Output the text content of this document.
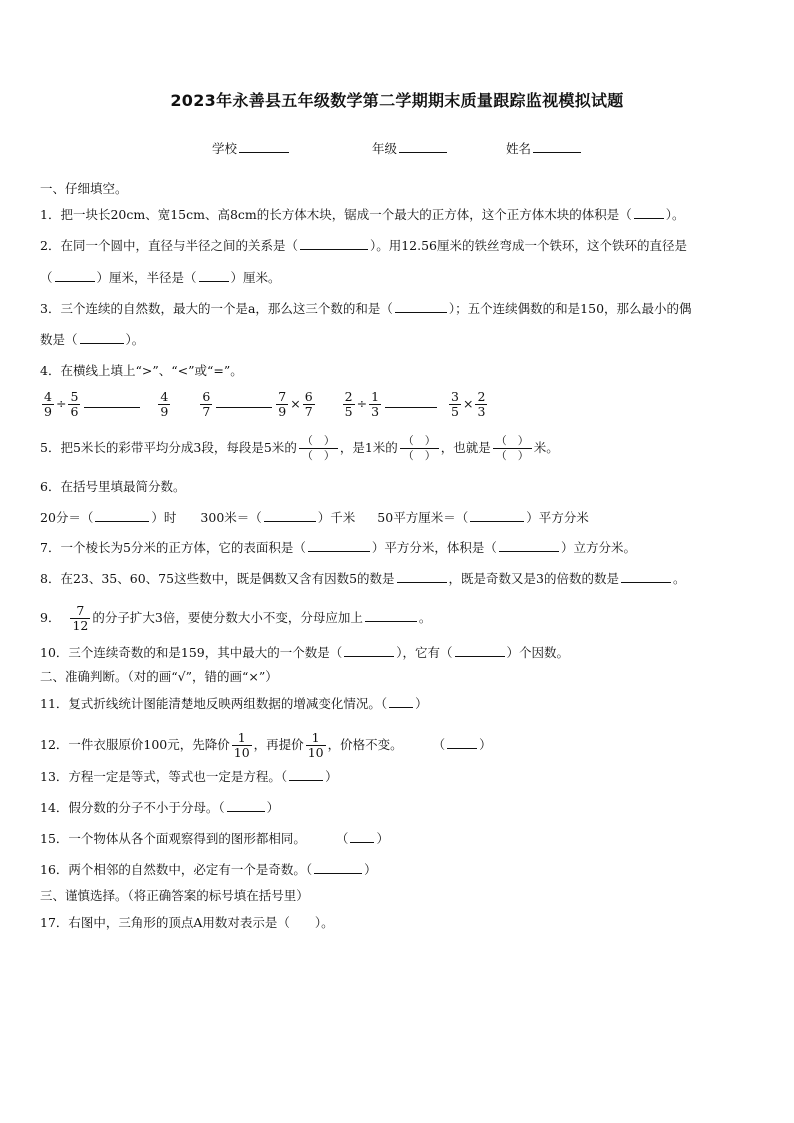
2023年永善县五年级数学第二学期期末质量跟踪监视模拟试题
学校	年级	姓名
一、仔细填空。
1．把一块长20cm、宽15cm、高8cm的长方体木块，锯成一个最大的正方体，这个正方体木块的体积是（	）。
2．在同一个圆中，直径与半径之间的关系是（	）。用12.56厘米的铁丝弯成一个铁环，这个铁环的直径是
（	）厘米，半径是（	）厘米。
3．三个连续的自然数，最大的一个是a，那么这三个数的和是（	）；五个连续偶数的和是150，那么最小的偶
数是（	）。
4．在横线上填上“>”、“<”或“=”。
$\frac{4}{9} \div \frac{5}{6}$	$\frac{4}{9}$
$\frac{6}{7}$	$\frac{7}{9} \times \frac{6}{7}$
$\frac{2}{5} \div \frac{1}{3}$	$\frac{3}{5} \times \frac{2}{3}$
5．把5米长的彩带平均分成3段，每段是5米的 $\frac{( )}{( )}$ ，是1米的 $\frac{( )}{( )}$ ，也就是 $\frac{( )}{( )}$ 米。
6．在括号里填最简分数。
20分＝（	）时 300米＝（	）千米 50平方厘米＝（	）平方分米
7．一个棱长为5分米的正方体，它的表面积是（	）平方分米，体积是（	）立方分米。
8．在23、35、60、75这些数中，既是偶数又含有因数5的数是	，既是奇数又是3的倍数的数是	。
9． $\frac{7}{12}$ 的分子扩大3倍，要使分数大小不变，分母应加上	。
10．三个连续奇数的和是159，其中最大的一个数是（	），它有（	）个因数。
二、准确判断。（对的画“√”，错的画“×”）
11．复式折线统计图能清楚地反映两组数据的增减变化情况。（ ）
12．一件衣服原价100元，先降价 $\frac{1}{10}$ ，再提价 $\frac{1}{10}$ ，价格不变。 （	）
13．方程一定是等式，等式也一定是方程。（	）
14．假分数的分子不小于分母。（	）
15．一个物体从各个面观察得到的图形都相同。 （ ）
16．两个相邻的自然数中，必定有一个是奇数。（	）
三、谨慎选择。（将正确答案的标号填在括号里）
17．右图中，三角形的顶点A用数对表示是（　　）。
